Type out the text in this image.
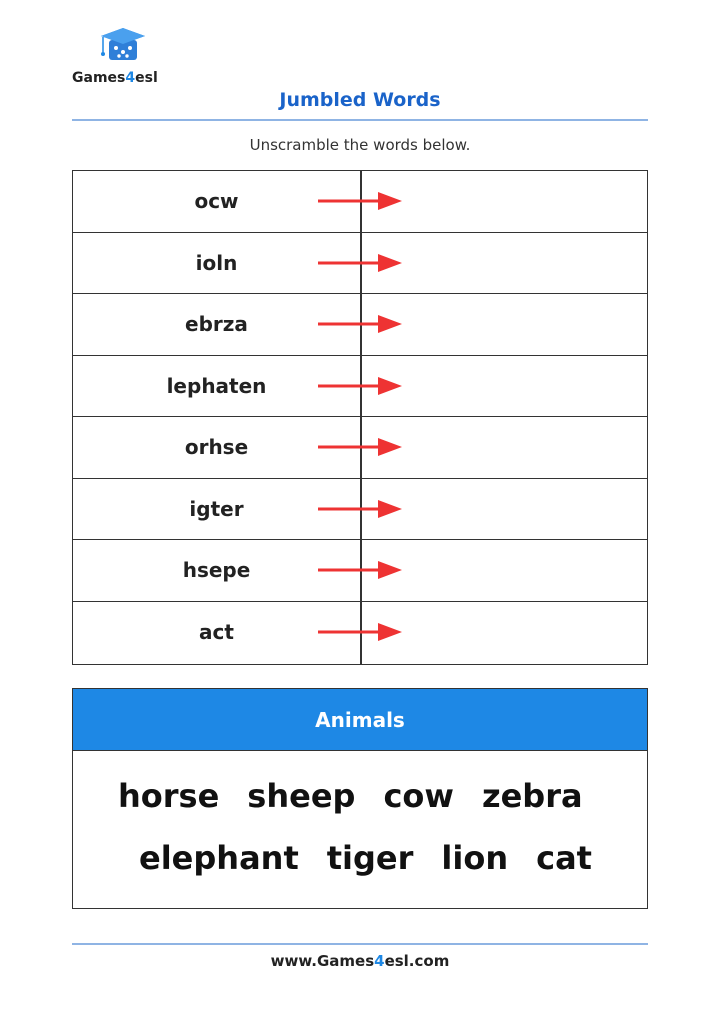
Games4esl
Jumbled Words
Unscramble the words below.
ocw
ioln
ebrza
lephaten
orhse
igter
hsepe
act
Animals
horse sheep cow zebra
elephant tiger lion cat
www.Games4esl.com
